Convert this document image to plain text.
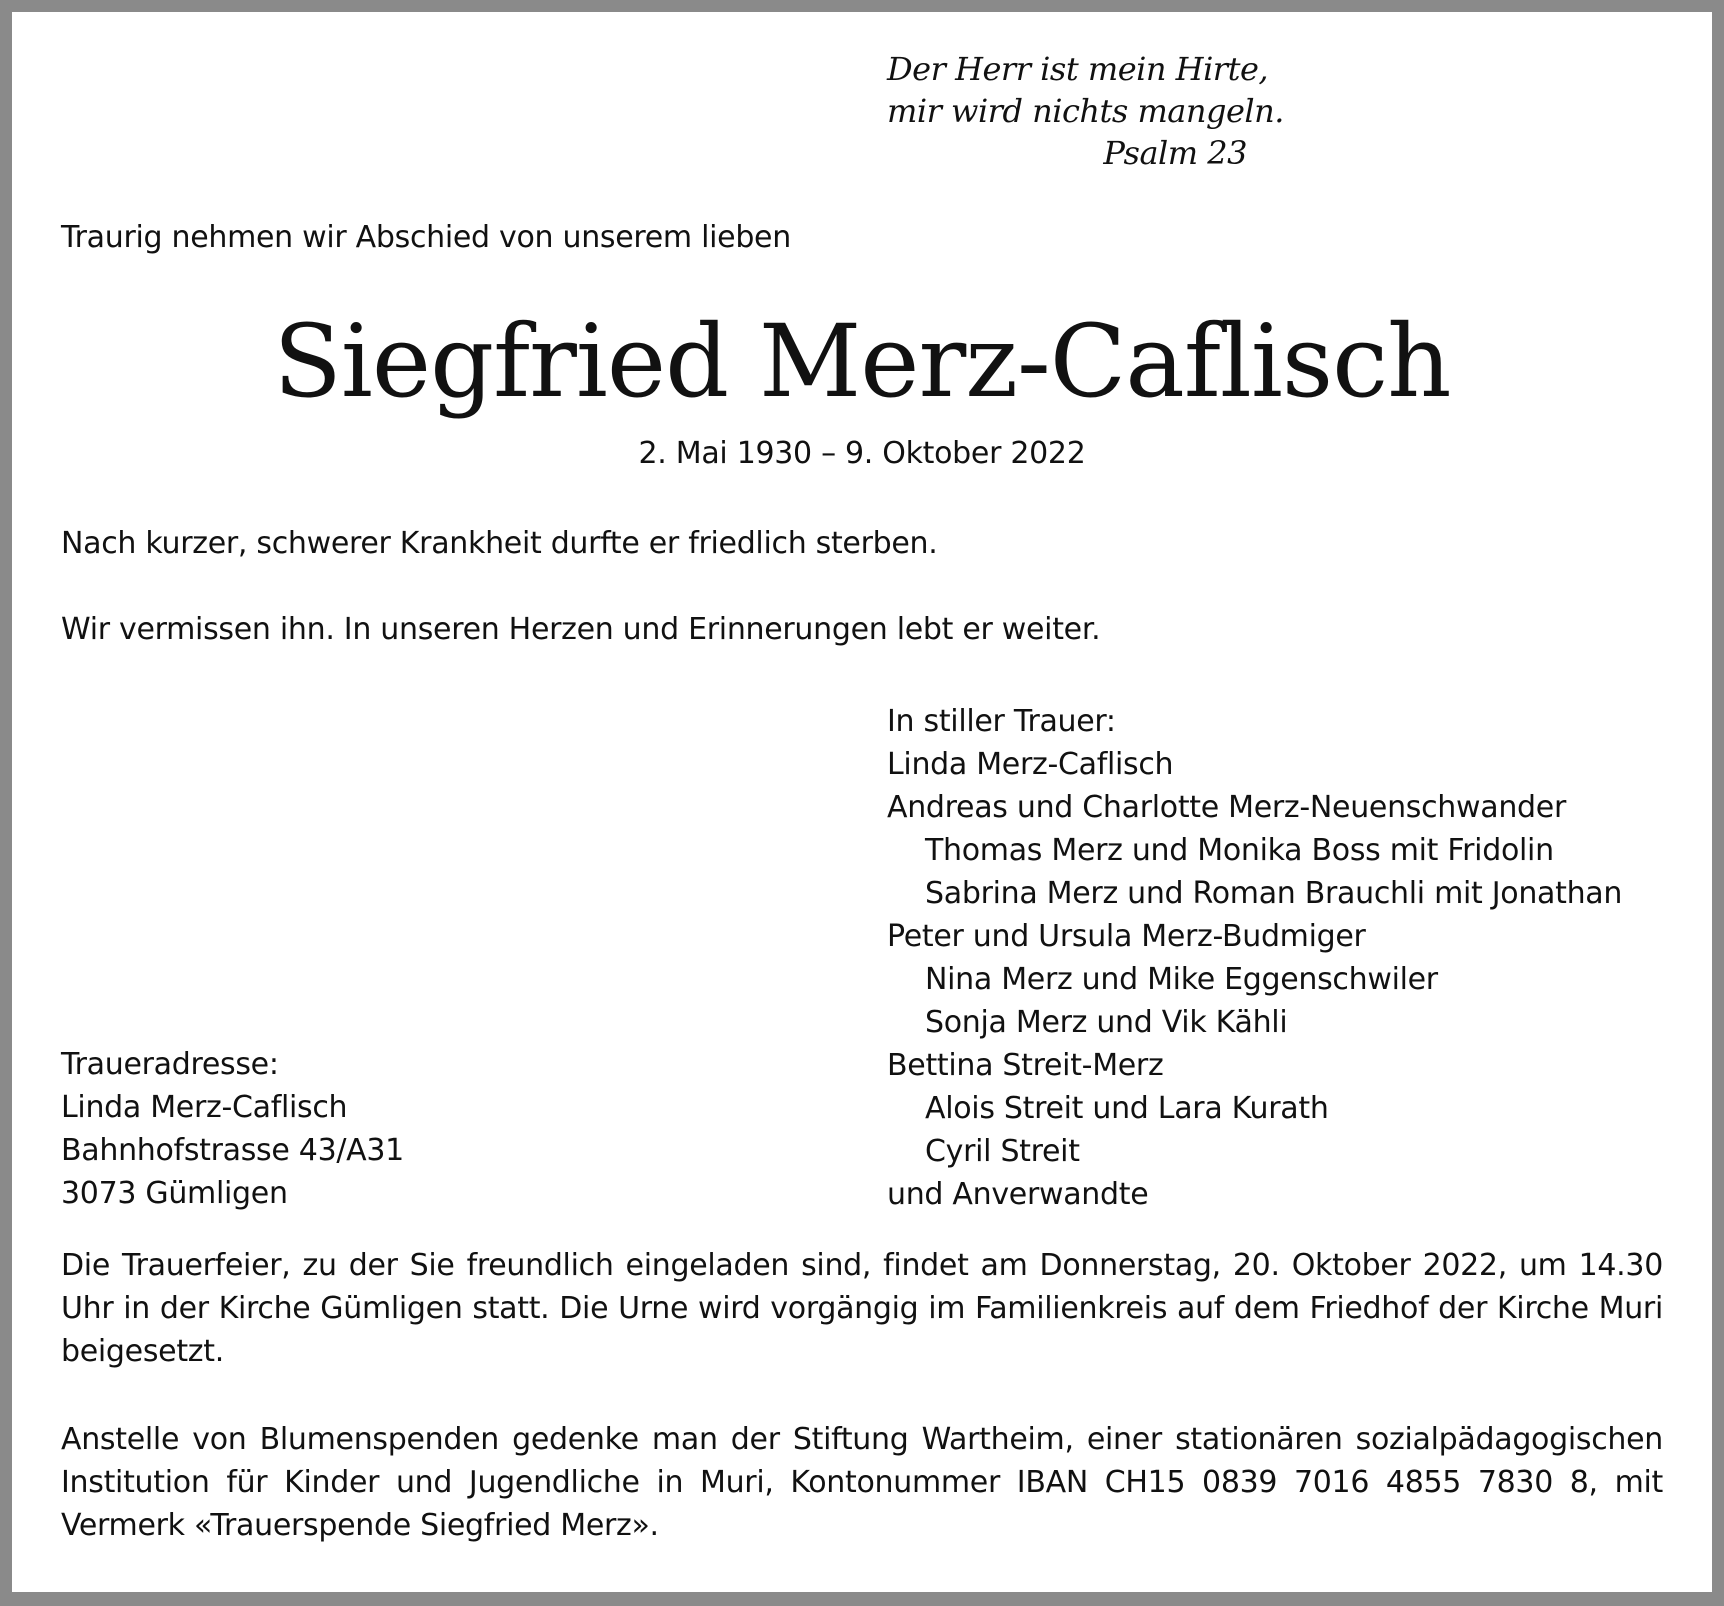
Der Herr ist mein Hirte,
mir wird nichts mangeln.
Psalm 23
Traurig nehmen wir Abschied von unserem lieben
Siegfried Merz-Caflisch
2. Mai 1930 – 9. Oktober 2022
Nach kurzer, schwerer Krankheit durfte er friedlich sterben.
Wir vermissen ihn. In unseren Herzen und Erinnerungen lebt er weiter.
In stiller Trauer:
Linda Merz-Caflisch
Andreas und Charlotte Merz-Neuenschwander
Thomas Merz und Monika Boss mit Fridolin
Sabrina Merz und Roman Brauchli mit Jonathan
Peter und Ursula Merz-Budmiger
Nina Merz und Mike Eggenschwiler
Sonja Merz und Vik Kähli
Bettina Streit-Merz
Alois Streit und Lara Kurath
Cyril Streit
und Anverwandte
Traueradresse:
Linda Merz-Caflisch
Bahnhofstrasse 43/A31
3073 Gümligen
Die Trauerfeier, zu der Sie freundlich eingeladen sind, findet am Donnerstag, 20. Oktober 2022, um 14.30 Uhr in der Kirche Gümligen statt. Die Urne wird vorgängig im Familienkreis auf dem Friedhof der Kirche Muri beigesetzt.
Anstelle von Blumenspenden gedenke man der Stiftung Wartheim, einer stationären sozialpädagogischen Institution für Kinder und Jugendliche in Muri, Kontonummer IBAN CH15 0839 7016 4855 7830 8, mit Vermerk «Trauerspende Siegfried Merz».
